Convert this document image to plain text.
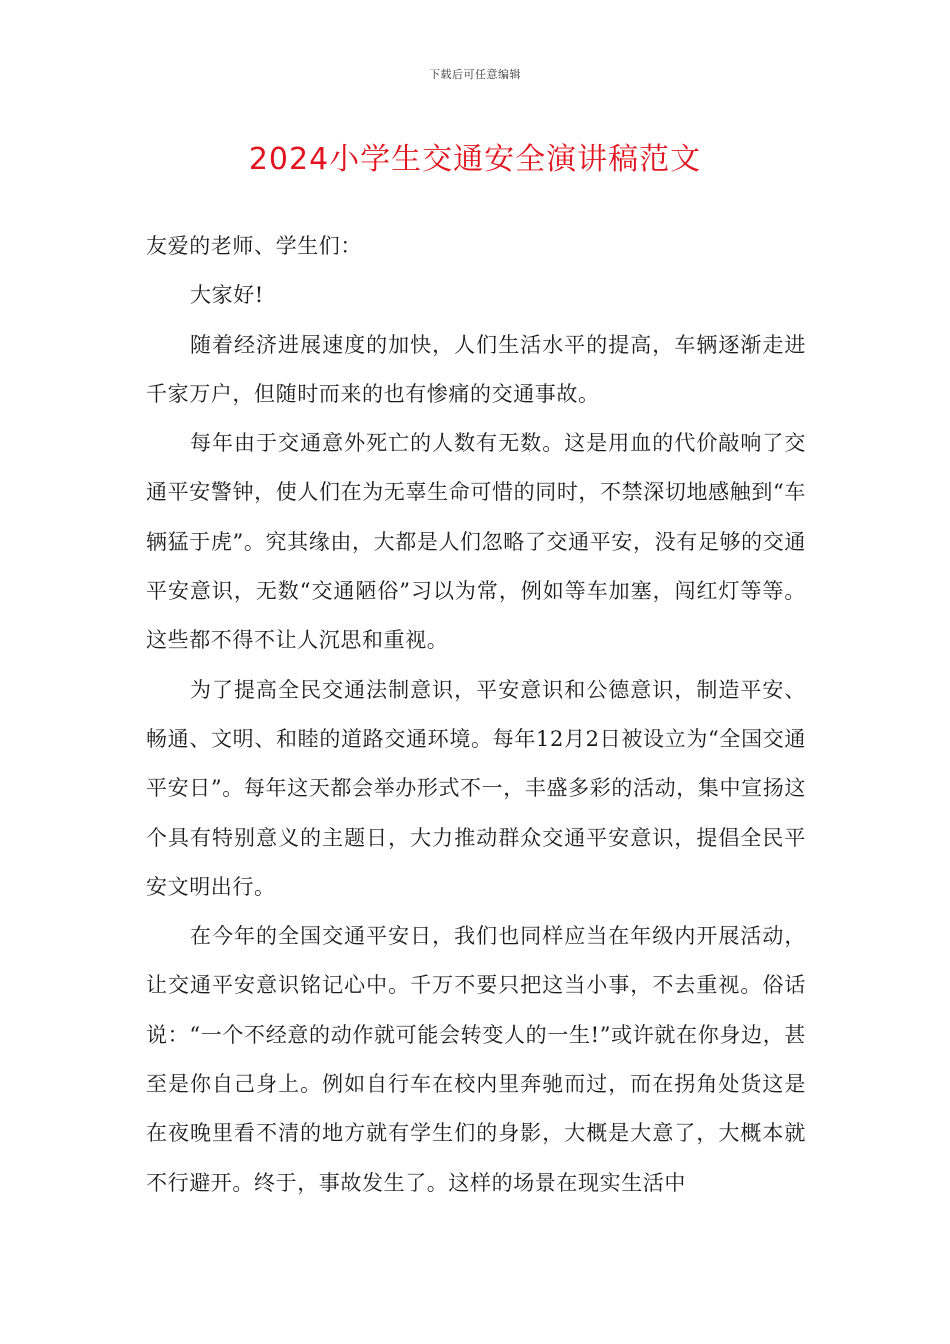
下载后可任意编辑
2024小学生交通安全演讲稿范文

友爱的老师、学生们：

大家好!

随着经济进展速度的加快，人们生活水平的提高，车辆逐渐走进千家万户，但随时而来的也有惨痛的交通事故。

每年由于交通意外死亡的人数有无数。这是用血的代价敲响了交通平安警钟，使人们在为无辜生命可惜的同时，不禁深切地感触到“车辆猛于虎”。究其缘由，大都是人们忽略了交通平安，没有足够的交通平安意识，无数“交通陋俗”习以为常，例如等车加塞，闯红灯等等。这些都不得不让人沉思和重视。

为了提高全民交通法制意识，平安意识和公德意识，制造平安、畅通、文明、和睦的道路交通环境。每年12月2日被设立为“全国交通平安日”。每年这天都会举办形式不一，丰盛多彩的活动，集中宣扬这个具有特别意义的主题日，大力推动群众交通平安意识，提倡全民平安文明出行。

在今年的全国交通平安日，我们也同样应当在年级内开展活动，让交通平安意识铭记心中。千万不要只把这当小事，不去重视。俗话说：“一个不经意的动作就可能会转变人的一生!”或许就在你身边，甚至是你自己身上。例如自行车在校内里奔驰而过，而在拐角处货这是在夜晚里看不清的地方就有学生们的身影，大概是大意了，大概本就不行避开。终于，事故发生了。这样的场景在现实生活中
